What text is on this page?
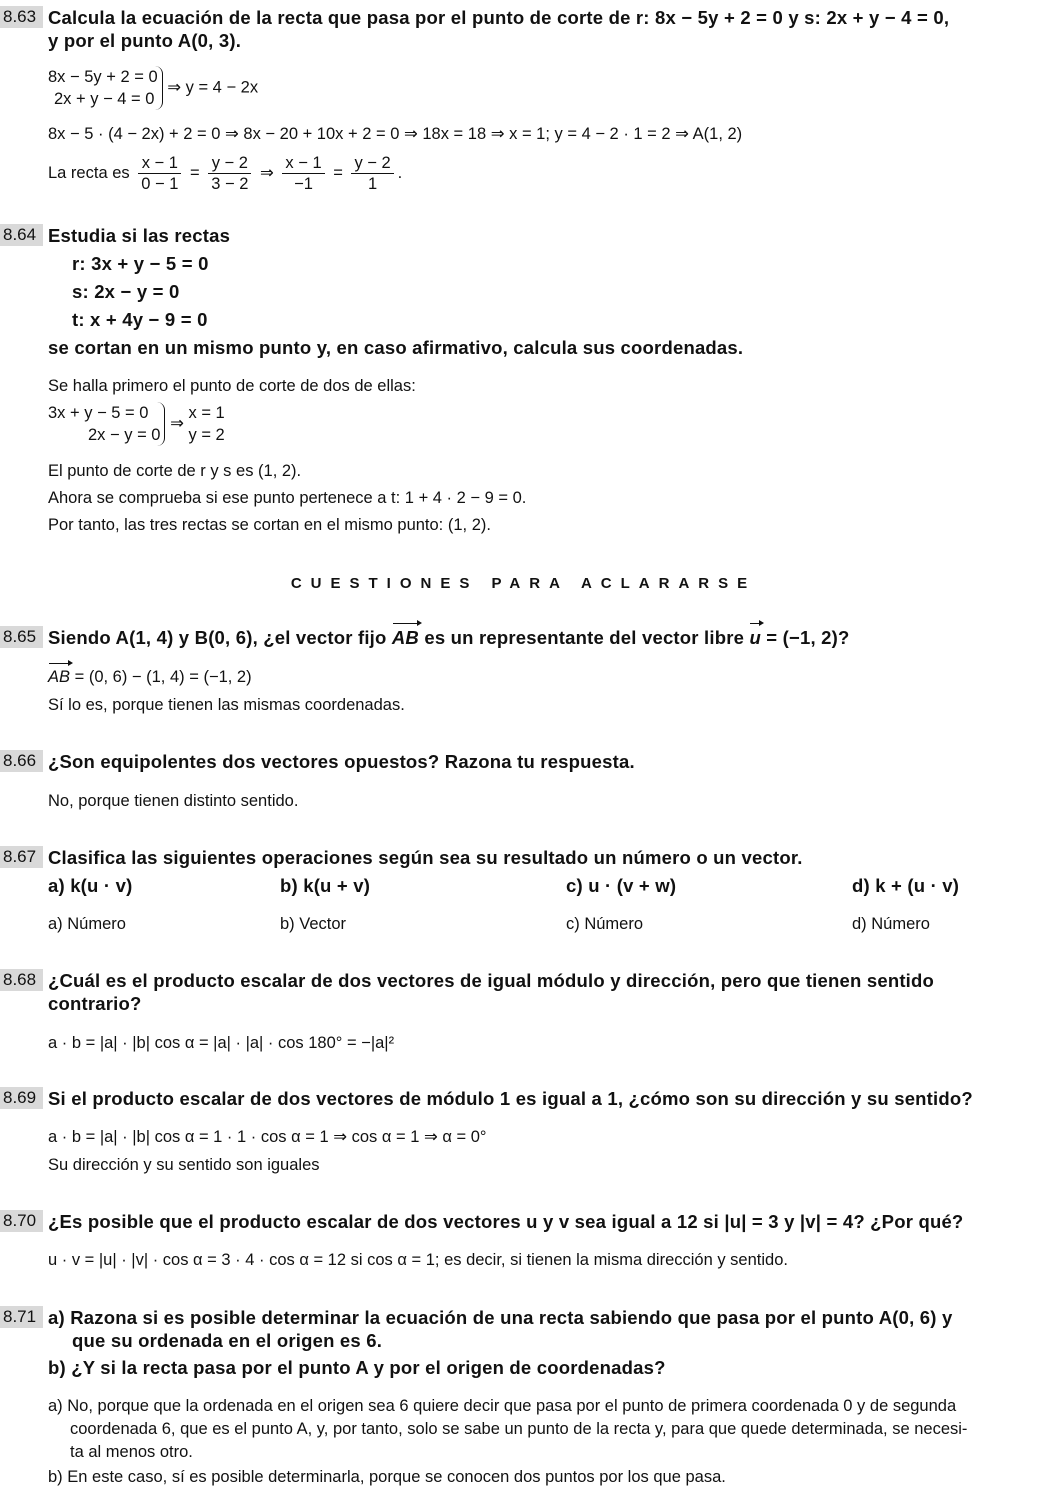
8.63 Calcula la ecuación de la recta que pasa por el punto de corte de r: 8x − 5y + 2 = 0 y s: 2x + y − 4 = 0,
y por el punto A(0, 3).
8x − 5y + 2 = 0
2x + y − 4 = 0
⇒ y = 4 − 2x
8x − 5 · (4 − 2x) + 2 = 0 ⇒ 8x − 20 + 10x + 2 = 0 ⇒ 18x = 18 ⇒ x = 1; y = 4 − 2 · 1 = 2 ⇒ A(1, 2)
La recta es $\frac{x - 1}{0 - 1} = \frac{y - 2}{3 - 2}$ ⇒ $\frac{x - 1}{-1} = \frac{y - 2}{1}$ .
8.64 Estudia si las rectas
r: 3x + y − 5 = 0
s: 2x − y = 0
t: x + 4y − 9 = 0
se cortan en un mismo punto y, en caso afirmativo, calcula sus coordenadas.
Se halla primero el punto de corte de dos de ellas:
3x + y − 5 = 0
2x − y = 0
⇒
x = 1
y = 2
El punto de corte de r y s es (1, 2).
Ahora se comprueba si ese punto pertenece a t: 1 + 4 · 2 − 9 = 0.
Por tanto, las tres rectas se cortan en el mismo punto: (1, 2).
CUESTIONES PARA ACLARARSE
8.65 Siendo A(1, 4) y B(0, 6), ¿el vector fijo AB es un representante del vector libre u = (−1, 2)?
AB = (0, 6) − (1, 4) = (−1, 2)
Sí lo es, porque tienen las mismas coordenadas.
8.66 ¿Son equipolentes dos vectores opuestos? Razona tu respuesta.
No, porque tienen distinto sentido.
8.67 Clasifica las siguientes operaciones según sea su resultado un número o un vector.
a) k(u · v)	b) k(u + v)	c) u · (v + w)	d) k + (u · v)
a) Número	b) Vector	c) Número	d) Número
8.68 ¿Cuál es el producto escalar de dos vectores de igual módulo y dirección, pero que tienen sentido
contrario?
a · b = |a| · |b| cos α = |a| · |a| · cos 180° = −|a|²
8.69 Si el producto escalar de dos vectores de módulo 1 es igual a 1, ¿cómo son su dirección y su sentido?
a · b = |a| · |b| cos α = 1 · 1 · cos α = 1 ⇒ cos α = 1 ⇒ α = 0°
Su dirección y su sentido son iguales
8.70 ¿Es posible que el producto escalar de dos vectores u y v sea igual a 12 si |u| = 3 y |v| = 4? ¿Por qué?
u · v = |u| · |v| · cos α = 3 · 4 · cos α = 12 si cos α = 1; es decir, si tienen la misma dirección y sentido.
8.71 a) Razona si es posible determinar la ecuación de una recta sabiendo que pasa por el punto A(0, 6) y
que su ordenada en el origen es 6.
b) ¿Y si la recta pasa por el punto A y por el origen de coordenadas?
a) No, porque que la ordenada en el origen sea 6 quiere decir que pasa por el punto de primera coordenada 0 y de segunda
coordenada 6, que es el punto A, y, por tanto, solo se sabe un punto de la recta y, para que quede determinada, se necesi-
ta al menos otro.
b) En este caso, sí es posible determinarla, porque se conocen dos puntos por los que pasa.
